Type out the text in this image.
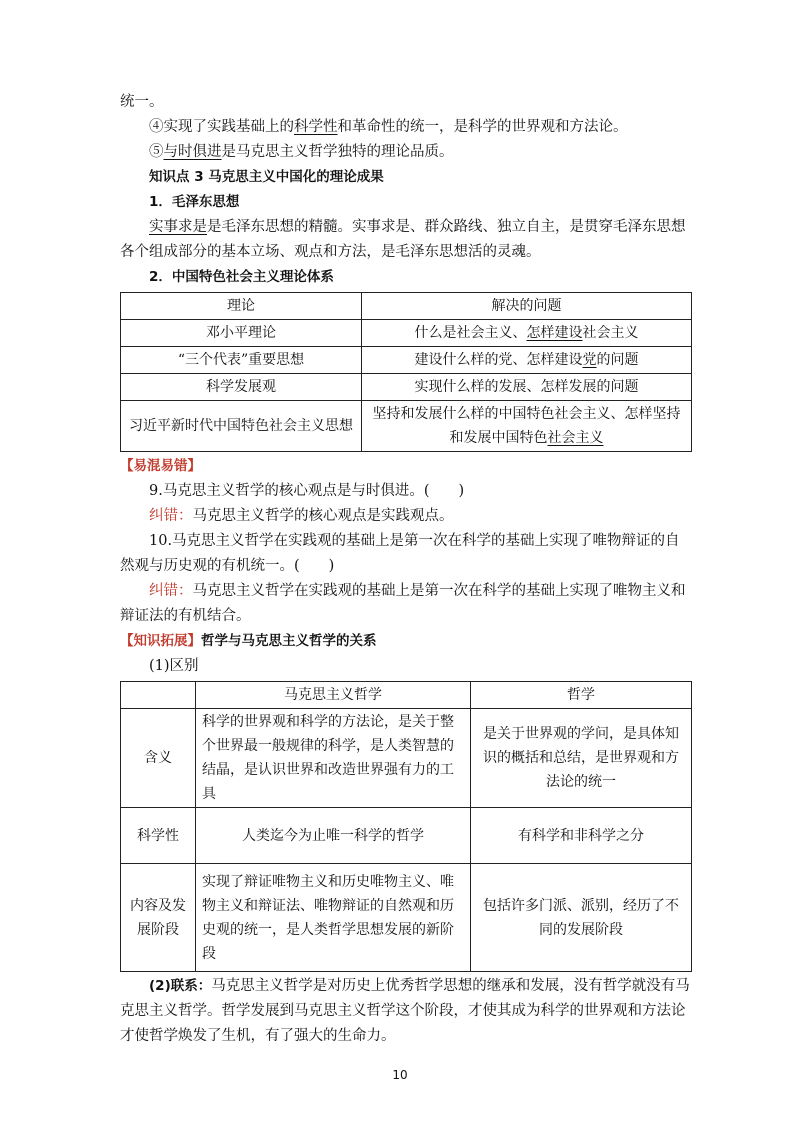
统一。

④实现了实践基础上的科学性和革命性的统一，是科学的世界观和方法论。

⑤与时俱进是马克思主义哲学独特的理论品质。

知识点 3 马克思主义中国化的理论成果

1．毛泽东思想

实事求是是毛泽东思想的精髓。实事求是、群众路线、独立自主，是贯穿毛泽东思想各个组成部分的基本立场、观点和方法，是毛泽东思想活的灵魂。

2．中国特色社会主义理论体系

理论	解决的问题
邓小平理论	什么是社会主义、怎样建设社会主义
“三个代表”重要思想	建设什么样的党、怎样建设党的问题
科学发展观	实现什么样的发展、怎样发展的问题
习近平新时代中国特色社会主义思想	坚持和发展什么样的中国特色社会主义、怎样坚持和发展中国特色社会主义

【易混易错】

9.马克思主义哲学的核心观点是与时俱进。(　　)

纠错：马克思主义哲学的核心观点是实践观点。

10.马克思主义哲学在实践观的基础上是第一次在科学的基础上实现了唯物辩证的自然观与历史观的有机统一。(　　)

纠错：马克思主义哲学在实践观的基础上是第一次在科学的基础上实现了唯物主义和辩证法的有机结合。

【知识拓展】哲学与马克思主义哲学的关系

(1)区别

	马克思主义哲学	哲学
含义	科学的世界观和科学的方法论，是关于整个世界最一般规律的科学，是人类智慧的结晶，是认识世界和改造世界强有力的工具	是关于世界观的学问，是具体知识的概括和总结，是世界观和方法论的统一
科学性	人类迄今为止唯一科学的哲学	有科学和非科学之分
内容及发展阶段	实现了辩证唯物主义和历史唯物主义、唯物主义和辩证法、唯物辩证的自然观和历史观的统一，是人类哲学思想发展的新阶段	包括许多门派、派别，经历了不同的发展阶段

(2)联系：马克思主义哲学是对历史上优秀哲学思想的继承和发展，没有哲学就没有马克思主义哲学。哲学发展到马克思主义哲学这个阶段，才使其成为科学的世界观和方法论才使哲学焕发了生机，有了强大的生命力。

10
